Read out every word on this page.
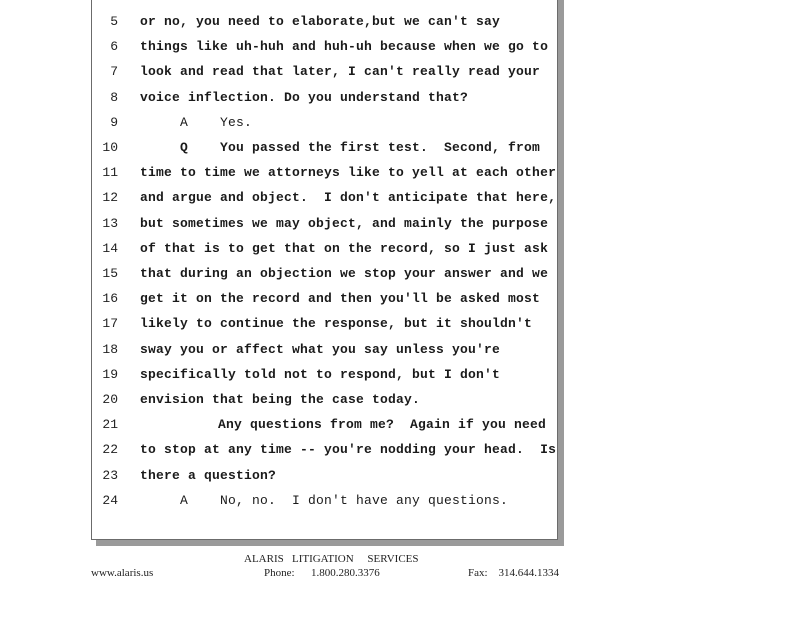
5 or no, you need to elaborate,but we can't say
6 things like uh-huh and huh-uh because when we go to
7 look and read that later, I can't really read your
8 voice inflection. Do you understand that?
9	A    Yes.
10	Q    You passed the first test.  Second, from
11 time to time we attorneys like to yell at each other
12 and argue and object.  I don't anticipate that here,
13 but sometimes we may object, and mainly the purpose
14 of that is to get that on the record, so I just ask
15 that during an objection we stop your answer and we
16 get it on the record and then you'll be asked most
17 likely to continue the response, but it shouldn't
18 sway you or affect what you say unless you're
19 specifically told not to respond, but I don't
20 envision that being the case today.
21	Any questions from me?  Again if you need
22 to stop at any time -- you're nodding your head.  Is
23 there a question?
24	A    No, no.  I don't have any questions.
ALARIS   LITIGATION     SERVICES
www.alaris.us	Phone:      1.800.280.3376	Fax:    314.644.1334
